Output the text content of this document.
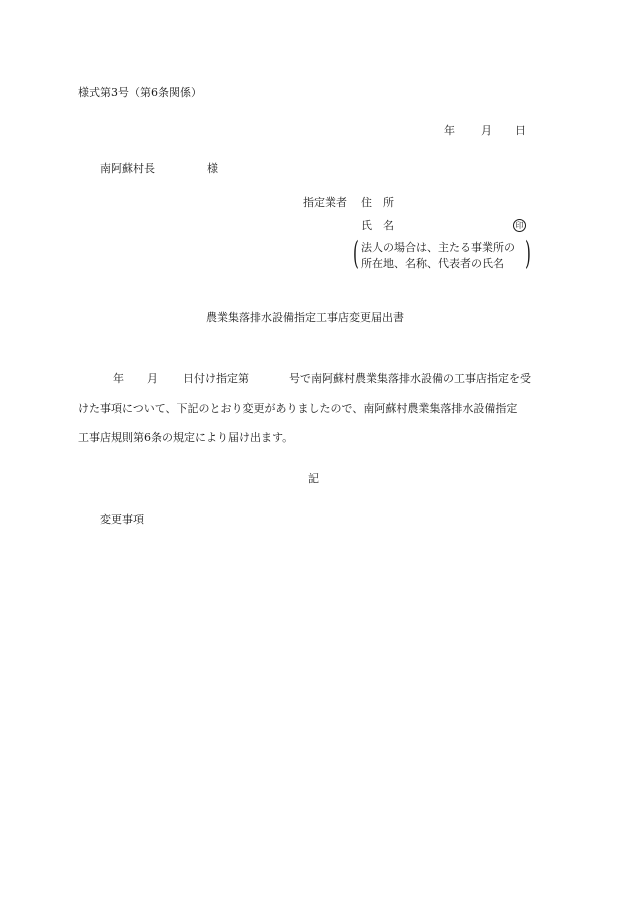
様式第3号（第6条関係）
年 月 日
南阿蘇村長	様
指定業者 住　所
氏　名	印
( 法人の場合は、主たる事業所の
所在地、名称、代表者の氏名 )
農業集落排水設備指定工事店変更届出書
年 月 日付け指定第	号で南阿蘇村農業集落排水設備の工事店指定を受
けた事項について、下記のとおり変更がありましたので、南阿蘇村農業集落排水設備指定
工事店規則第6条の規定により届け出ます。
記
変更事項
